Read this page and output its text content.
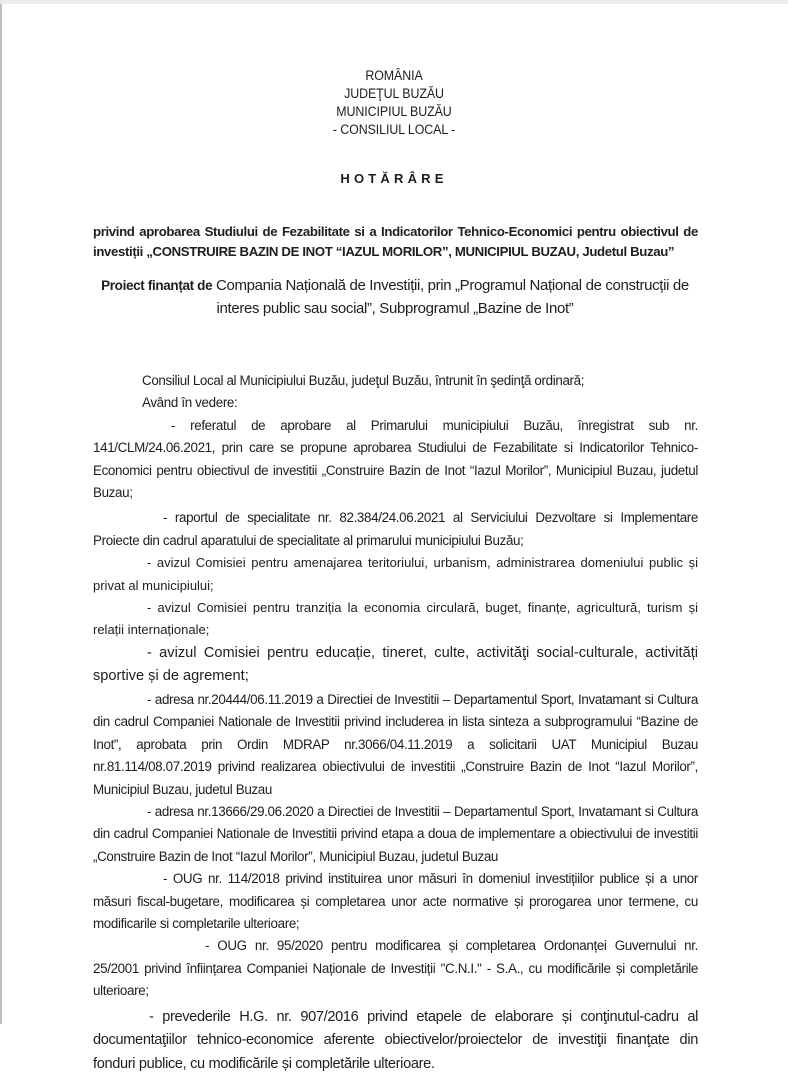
ROMÂNIA
JUDEŢUL BUZĂU
MUNICIPIUL BUZĂU
- CONSILIUL LOCAL -
HOTĂRÂRE
privind aprobarea Studiului de Fezabilitate si a Indicatorilor Tehnico-Economici pentru obiectivul de investiții „CONSTRUIRE BAZIN DE INOT “IAZUL MORILOR”, MUNICIPIUL BUZAU, Judetul Buzau”
Proiect finanțat de Compania Națională de Investiții, prin „Programul Național de construcții de interes public sau social”, Subprogramul „Bazine de Inot”

Consiliul Local al Municipiului Buzău, judeţul Buzău, întrunit în şedinţă ordinară;

Având în vedere:

- referatul de aprobare al Primarului municipiului Buzău, înregistrat sub nr. 141/CLM/24.06.2021, prin care se propune aprobarea Studiului de Fezabilitate si Indicatorilor Tehnico-Economici pentru obiectivul de investitii „Construire Bazin de Inot “Iazul Morilor”, Municipiul Buzau, judetul Buzau;

- raportul de specialitate nr. 82.384/24.06.2021 al Serviciului Dezvoltare si Implementare Proiecte din cadrul aparatului de specialitate al primarului municipiului Buzău;

- avizul Comisiei pentru amenajarea teritoriului, urbanism, administrarea domeniului public și privat al municipiului;

- avizul Comisiei pentru tranziția la economia circulară, buget, finanțe, agricultură, turism și relații internaționale;

- avizul Comisiei pentru educație, tineret, culte, activităţi social-culturale, activități sportive și de agrement;

- adresa nr.20444/06.11.2019 a Directiei de Investitii – Departamentul Sport, Invatamant si Cultura din cadrul Companiei Nationale de Investitii privind includerea in lista sinteza a subprogramului “Bazine de Inot”, aprobata prin Ordin MDRAP nr.3066/04.11.2019 a solicitarii UAT Municipiul Buzau nr.81.114/08.07.2019 privind realizarea obiectivului de investitii „Construire Bazin de Inot “Iazul Morilor”, Municipiul Buzau, judetul Buzau

- adresa nr.13666/29.06.2020 a Directiei de Investitii – Departamentul Sport, Invatamant si Cultura din cadrul Companiei Nationale de Investitii privind etapa a doua de implementare a obiectivului de investitii „Construire Bazin de Inot “Iazul Morilor”, Municipiul Buzau, judetul Buzau

- OUG nr. 114/2018 privind instituirea unor măsuri în domeniul investițiilor publice și a unor măsuri fiscal-bugetare, modificarea și completarea unor acte normative și prorogarea unor termene, cu modificarile si completarile ulterioare;

- OUG nr. 95/2020 pentru modificarea și completarea Ordonanței Guvernului nr. 25/2001 privind înființarea Companiei Naționale de Investiții "C.N.I." - S.A., cu modificările și completările ulterioare;

- prevederile H.G. nr. 907/2016 privind etapele de elaborare și conţinutul-cadru al documentaţiilor tehnico-economice aferente obiectivelor/proiectelor de investiţii finanţate din fonduri publice, cu modificările și completările ulterioare.
